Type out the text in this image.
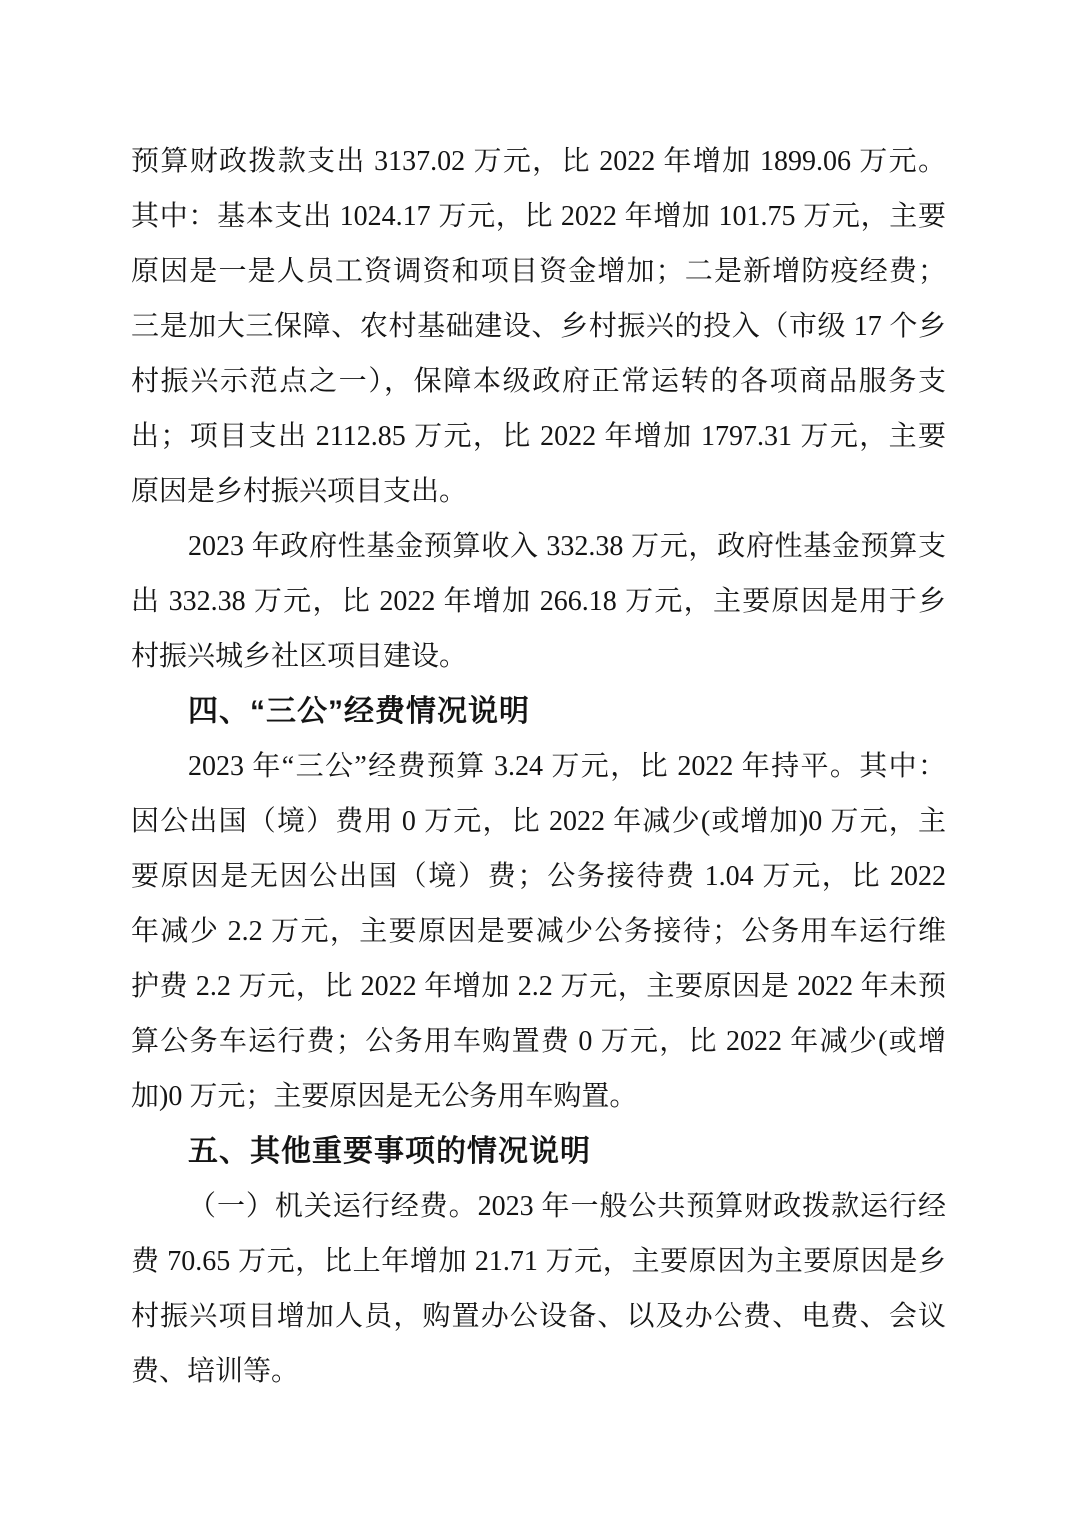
预算财政拨款支出 3137.02 万元，比 2022 年增加 1899.06 万元。
其中：基本支出 1024.17 万元，比 2022 年增加 101.75 万元，主要
原因是一是人员工资调资和项目资金增加；二是新增防疫经费；
三是加大三保障、农村基础建设、乡村振兴的投入（市级 17 个乡
村振兴示范点之一），保障本级政府正常运转的各项商品服务支
出；项目支出 2112.85 万元，比 2022 年增加 1797.31 万元，主要
原因是乡村振兴项目支出。
2023 年政府性基金预算收入 332.38 万元，政府性基金预算支
出 332.38 万元，比 2022 年增加 266.18 万元，主要原因是用于乡
村振兴城乡社区项目建设。
四、“三公”经费情况说明
2023 年“三公”经费预算 3.24 万元，比 2022 年持平。其中：
因公出国（境）费用 0 万元，比 2022 年减少(或增加)0 万元，主
要原因是无因公出国（境）费；公务接待费 1.04 万元，比 2022
年减少 2.2 万元，主要原因是要减少公务接待；公务用车运行维
护费 2.2 万元，比 2022 年增加 2.2 万元，主要原因是 2022 年未预
算公务车运行费；公务用车购置费 0 万元，比 2022 年减少(或增
加)0 万元；主要原因是无公务用车购置。
五、其他重要事项的情况说明
（一）机关运行经费。2023 年一般公共预算财政拨款运行经
费 70.65 万元，比上年增加 21.71 万元，主要原因为主要原因是乡
村振兴项目增加人员，购置办公设备、以及办公费、电费、会议
费、培训等。
